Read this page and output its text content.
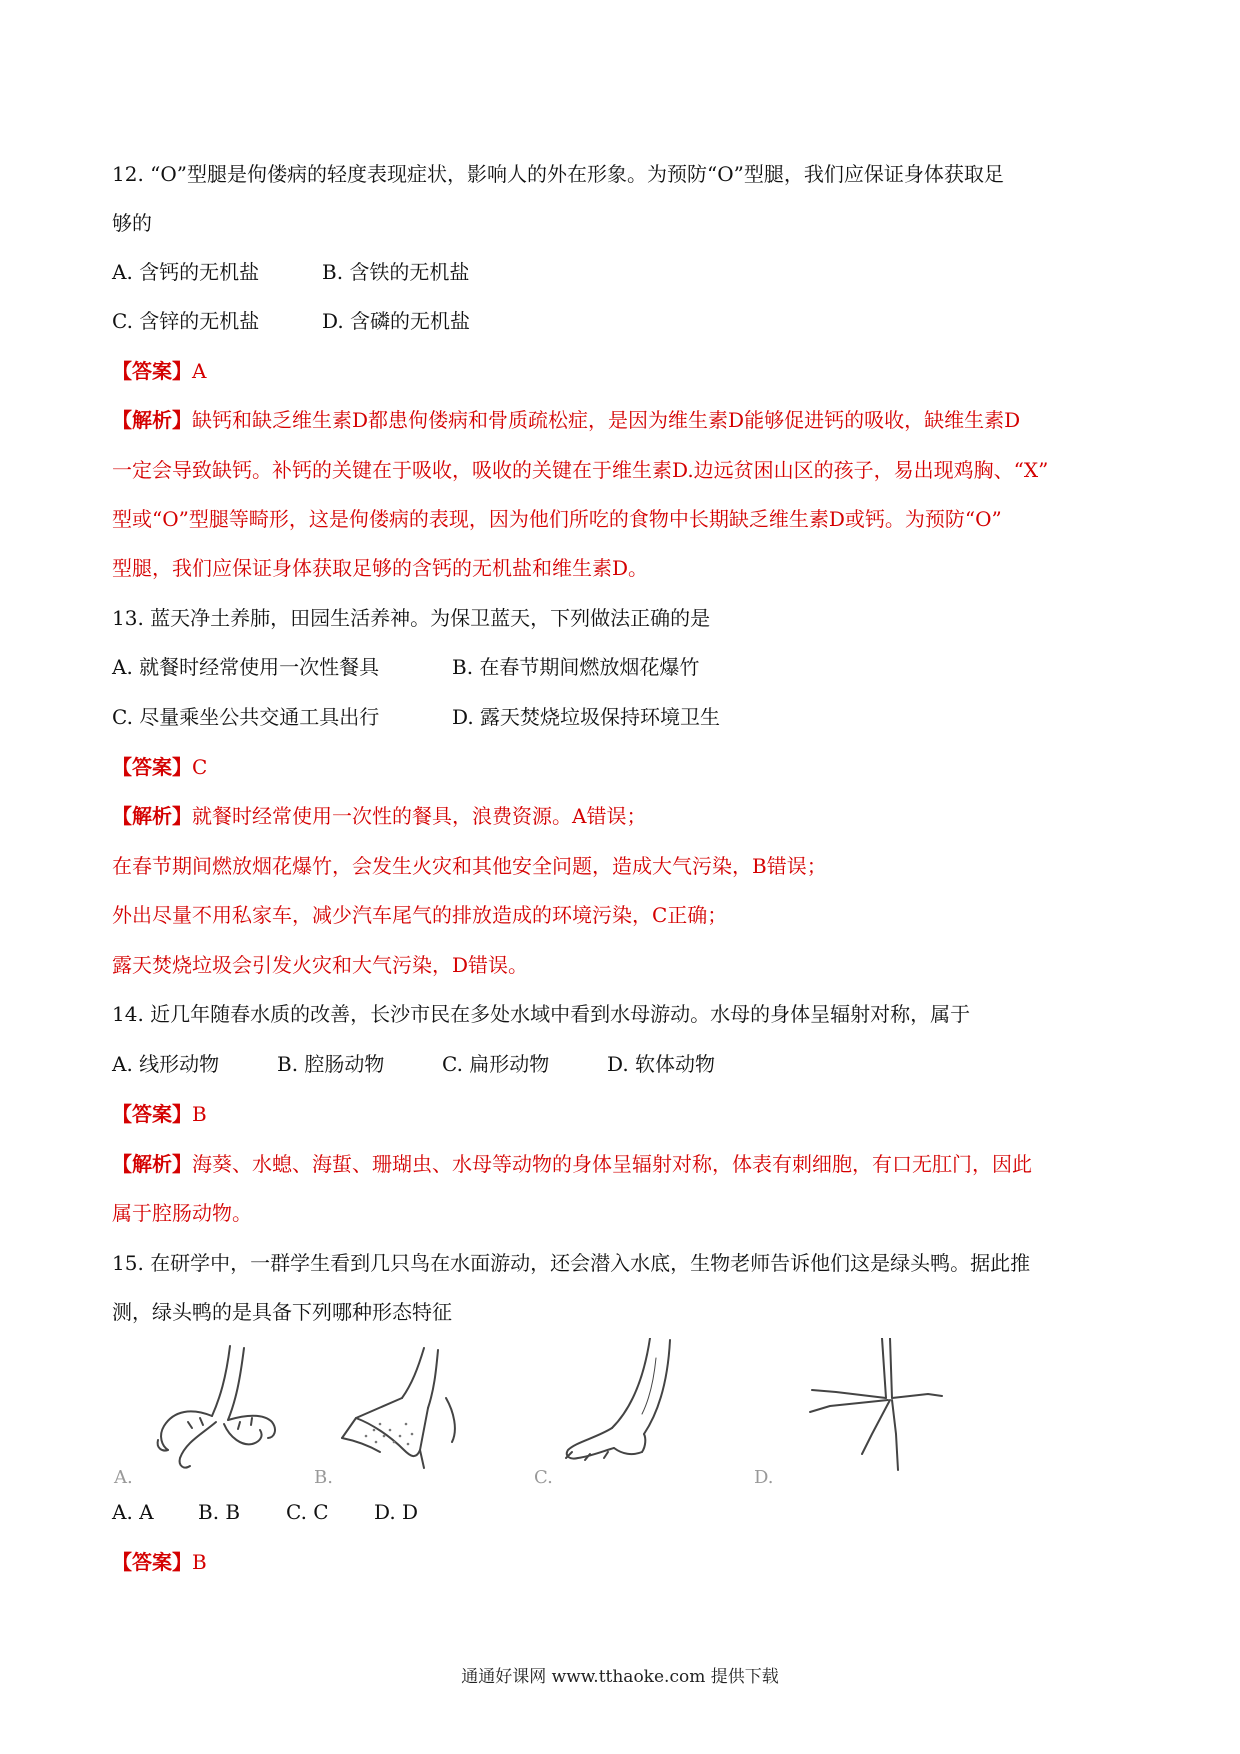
12. “O”型腿是佝偻病的轻度表现症状，影响人的外在形象。为预防“O”型腿，我们应保证身体获取足
够的
A. 含钙的无机盐	B. 含铁的无机盐
C. 含锌的无机盐	D. 含磷的无机盐
【答案】A
【解析】缺钙和缺乏维生素D都患佝偻病和骨质疏松症，是因为维生素D能够促进钙的吸收，缺维生素D
一定会导致缺钙。补钙的关键在于吸收，吸收的关键在于维生素D.边远贫困山区的孩子，易出现鸡胸、“X”
型或“O”型腿等畸形，这是佝偻病的表现，因为他们所吃的食物中长期缺乏维生素D或钙。为预防“O”
型腿，我们应保证身体获取足够的含钙的无机盐和维生素D。
13. 蓝天净土养肺，田园生活养神。为保卫蓝天，下列做法正确的是
A. 就餐时经常使用一次性餐具	B. 在春节期间燃放烟花爆竹
C. 尽量乘坐公共交通工具出行	D. 露天焚烧垃圾保持环境卫生
【答案】C
【解析】就餐时经常使用一次性的餐具，浪费资源。A错误；
在春节期间燃放烟花爆竹，会发生火灾和其他安全问题，造成大气污染，B错误；
外出尽量不用私家车，减少汽车尾气的排放造成的环境污染，C正确；
露天焚烧垃圾会引发火灾和大气污染，D错误。
14. 近几年随春水质的改善，长沙市民在多处水域中看到水母游动。水母的身体呈辐射对称，属于
A. 线形动物	B. 腔肠动物	C. 扁形动物	D. 软体动物
【答案】B
【解析】海葵、水螅、海蜇、珊瑚虫、水母等动物的身体呈辐射对称，体表有刺细胞，有口无肛门，因此
属于腔肠动物。
15. 在研学中，一群学生看到几只鸟在水面游动，还会潜入水底，生物老师告诉他们这是绿头鸭。据此推
测，绿头鸭的是具备下列哪种形态特征
A.	B.	C.	D.
A. A B. B C. C D. D
【答案】B
通通好课网 www.tthaoke.com 提供下载
